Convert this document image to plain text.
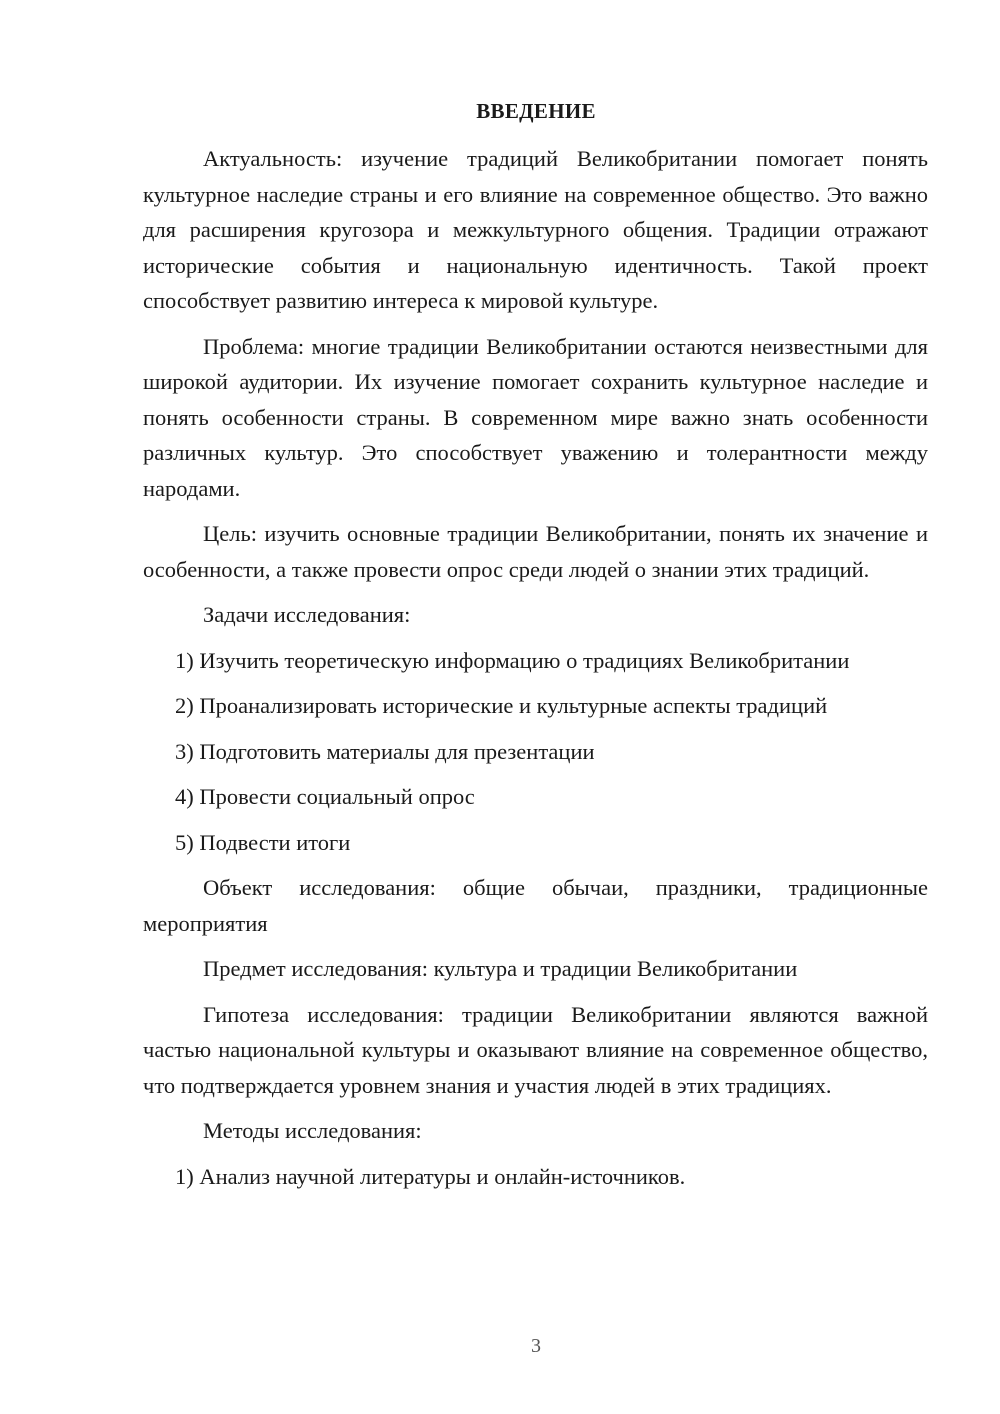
ВВЕДЕНИЕ

Актуальность: изучение традиций Великобритании помогает понять культурное наследие страны и его влияние на современное общество. Это важно для расширения кругозора и межкультурного общения. Традиции отражают исторические события и национальную идентичность. Такой проект способствует развитию интереса к мировой культуре.

Проблема: многие традиции Великобритании остаются неизвестными для широкой аудитории. Их изучение помогает сохранить культурное наследие и понять особенности страны. В современном мире важно знать особенности различных культур. Это способствует уважению и толерантности между народами.

Цель: изучить основные традиции Великобритании, понять их значение и особенности, а также провести опрос среди людей о знании этих традиций.

Задачи исследования:

1) Изучить теоретическую информацию о традициях Великобритании

2) Проанализировать исторические и культурные аспекты традиций

3) Подготовить материалы для презентации

4) Провести социальный опрос

5) Подвести итоги

Объект исследования: общие обычаи, праздники, традиционные мероприятия

Предмет исследования: культура и традиции Великобритании

Гипотеза исследования: традиции Великобритании являются важной частью национальной культуры и оказывают влияние на современное общество, что подтверждается уровнем знания и участия людей в этих традициях.

Методы исследования:

1) Анализ научной литературы и онлайн-источников.

3
